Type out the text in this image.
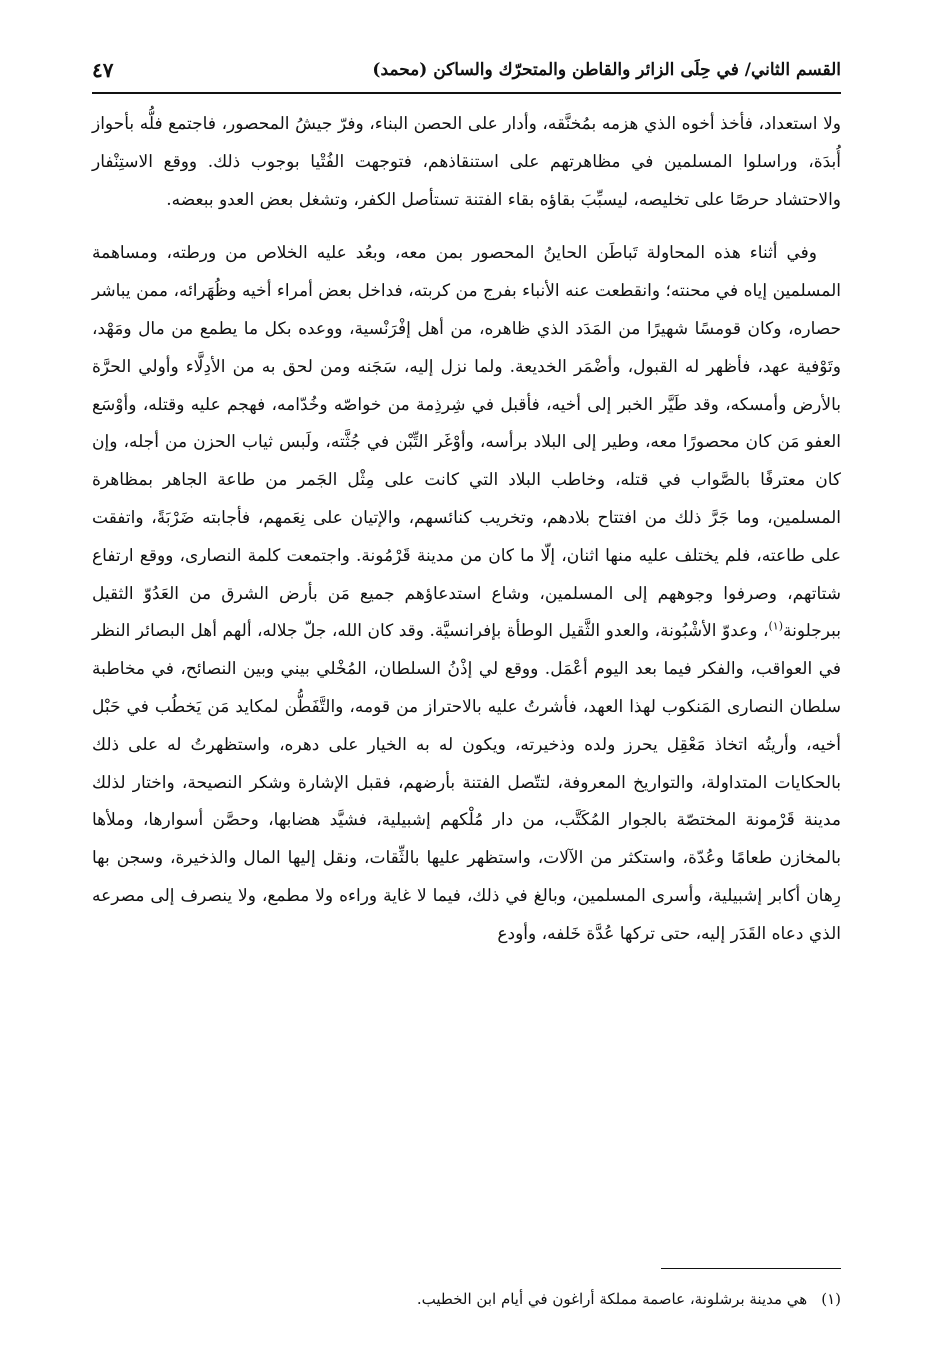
القسم الثاني/ في حِلَى الزائر والقاطن والمتحرّك والساكن (محمد)
٤٧

ولا استعداد، فأخذ أخوه الذي هزمه بمُخنَّقه، وأدار على الحصن البناء، وفرّ جيشُ المحصور، فاجتمع فلُّه بأحواز أُبدَة، وراسلوا المسلمين في مظاهرتهم على استنقاذهم، فتوجهت الفُتْيا بوجوب ذلك. ووقع الاستِنْفار والاحتشاد حرصًا على تخليصه، ليسبِّبَ بقاؤه بقاء الفتنة تستأصل الكفر، وتشغل بعض العدو ببعضه.

وفي أثناء هذه المحاولة تَباطَن الحاينُ المحصور بمن معه، وبعُد عليه الخلاص من ورطته، ومساهمة المسلمين إياه في محنته؛ وانقطعت عنه الأنباء بفرج من كربته، فداخل بعض أمراء أخيه وظُهَرائه، ممن يباشر حصاره، وكان قومسًا شهيرًا من المَدَد الذي ظاهره، من أهل إفْرَنْسية، ووعده بكل ما يطمع من مال ومَهْد، وتَوْفية عهد، فأظهر له القبول، وأضْمَر الخديعة. ولما نزل إليه، سَجَنه ومن لحق به من الأدِلَّاء وأولي الحرَّة بالأرض وأمسكه، وقد طَيَّر الخبر إلى أخيه، فأقبل في شِرذِمة من خواصّه وخُدّامه، فهجم عليه وقتله، وأوْسَع العفو مَن كان محصورًا معه، وطير إلى البلاد برأسه، وأوْغَر التِّبْن في جُثَّته، ولَبس ثياب الحزن من أجله، وإن كان معترفًا بالصَّواب في قتله، وخاطب البلاد التي كانت على مِثْل الجَمر من طاعة الجاهر بمظاهرة المسلمين، وما جَرَّ ذلك من افتتاح بلادهم، وتخريب كنائسهم، والإتيان على نِعَمهم، فأجابته ضَرْبَةً، واتفقت على طاعته، فلم يختلف عليه منها اثنان، إلّا ما كان من مدينة قَرْمُونة. واجتمعت كلمة النصارى، ووقع ارتفاع شتاتهم، وصرفوا وجوههم إلى المسلمين، وشاع استدعاؤهم جميع مَن بأرض الشرق من العَدُوّ الثقيل ببرجلونة$^{(١)}$، وعدوّ الأشْبُونة، والعدو الثَّقيل الوطأة بإفرانسيَّة. وقد كان الله، جلّ جلاله، ألهم أهل البصائر النظر في العواقب، والفكر فيما بعد اليوم أعْمَل. ووقع لي إذْنُ السلطان، المُخْلي بيني وبين النصائح، في مخاطبة سلطان النصارى المَنكوب لهذا العهد، فأشرتُ عليه بالاحتراز من قومه، والتَّفَطُّن لمكايد مَن يَخطُب في حَبْل أخيه، وأريتُه اتخاذ مَعْقِل يحرز ولده وذخيرته، ويكون له به الخيار على دهره، واستظهرتُ له على ذلك بالحكايات المتداولة، والتواريخ المعروفة، لتتّصل الفتنة بأرضهم، فقبل الإشارة وشكر النصيحة، واختار لذلك مدينة قَرْمونة المختصّة بالجوار المُكَتَّب، من دار مُلْكهم إشبيلية، فشيَّد هضابها، وحصَّن أسوارها، وملأها بالمخازن طعامًا وعُدّة، واستكثر من الآلات، واستظهر عليها بالثِّقات، ونقل إليها المال والذخيرة، وسجن بها رِهان أكابر إشبيلية، وأسرى المسلمين، وبالغ في ذلك، فيما لا غاية وراءه ولا مطمع، ولا ينصرف إلى مصرعه الذي دعاه القَدَر إليه، حتى تركها عُدَّة خَلفه، وأودع

(١)هي مدينة برشلونة، عاصمة مملكة أراغون في أيام ابن الخطيب.
